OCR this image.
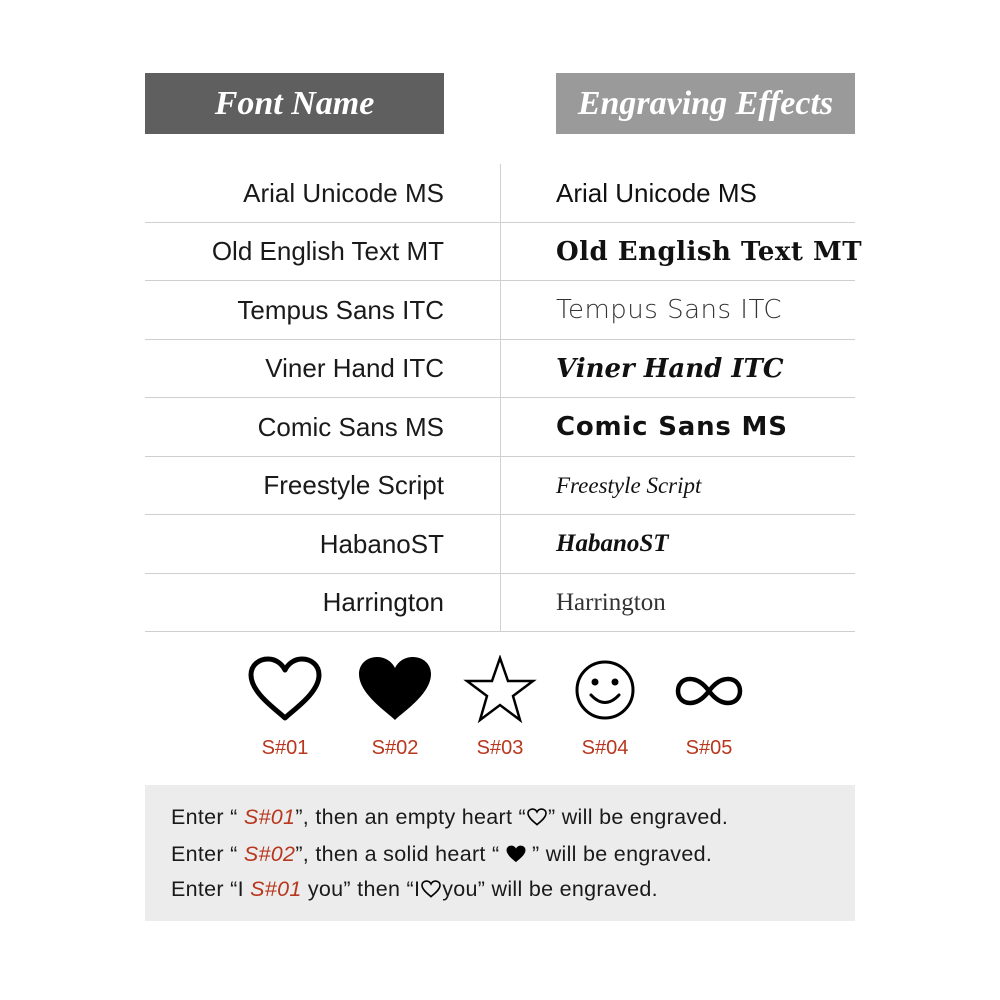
Font Name	Engraving Effects
Arial Unicode MS	Arial Unicode MS
Old English Text MT	Old English Text MT
Tempus Sans ITC	Tempus Sans ITC
Viner Hand ITC	Viner Hand ITC
Comic Sans MS	Comic Sans MS
Freestyle Script	Freestyle Script
HabanoST	HabanoST
Harrington	Harrington
S#01	S#02	S#03	S#04	S#05
Enter “ S#01”, then an empty heart “ ” will be engraved.
Enter “ S#02”, then a solid heart “  ” will be engraved.
Enter “I S#01 you” then “I you” will be engraved.
